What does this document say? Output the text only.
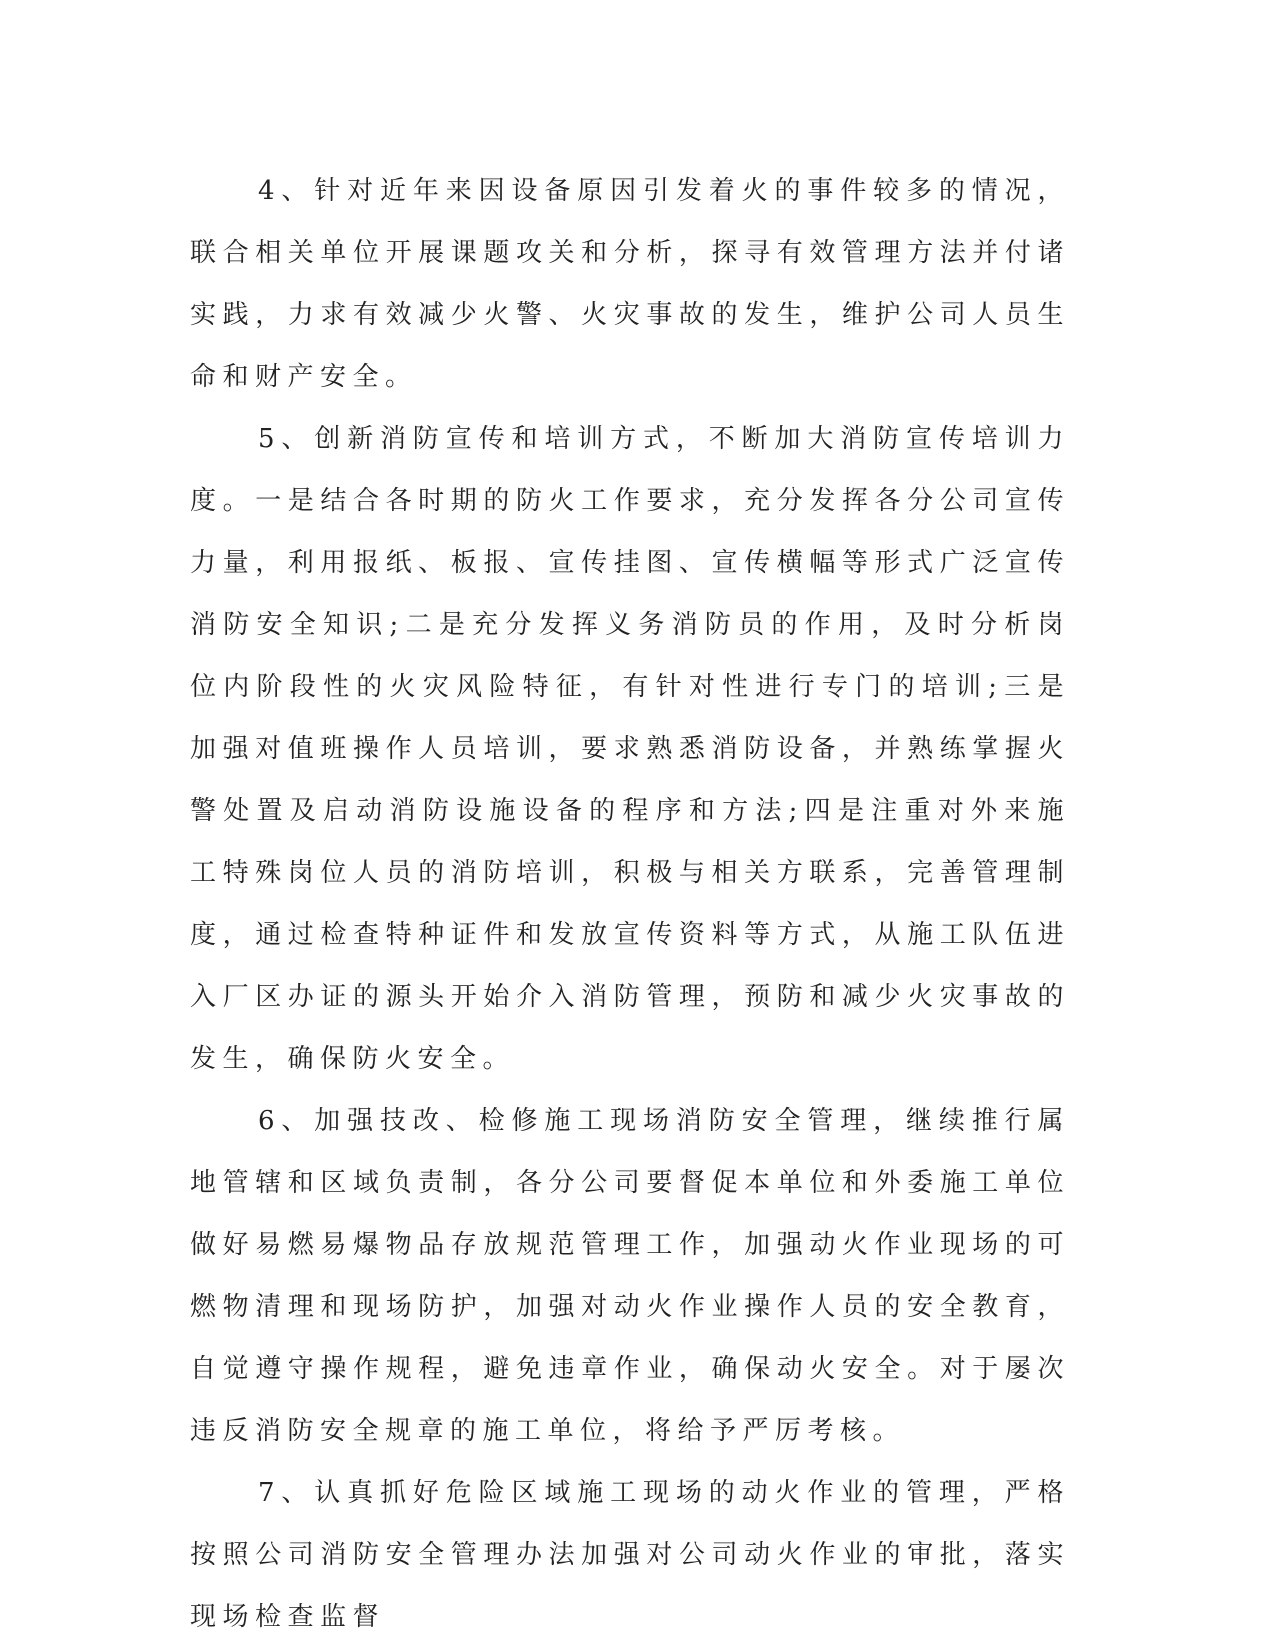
4、针对近年来因设备原因引发着火的事件较多的情况，联合相关单位开展课题攻关和分析，探寻有效管理方法并付诸实践，力求有效减少火警、火灾事故的发生，维护公司人员生命和财产安全。

5、创新消防宣传和培训方式，不断加大消防宣传培训力度。一是结合各时期的防火工作要求，充分发挥各分公司宣传力量，利用报纸、板报、宣传挂图、宣传横幅等形式广泛宣传消防安全知识;二是充分发挥义务消防员的作用，及时分析岗位内阶段性的火灾风险特征，有针对性进行专门的培训;三是加强对值班操作人员培训，要求熟悉消防设备，并熟练掌握火警处置及启动消防设施设备的程序和方法;四是注重对外来施工特殊岗位人员的消防培训，积极与相关方联系，完善管理制度，通过检查特种证件和发放宣传资料等方式，从施工队伍进入厂区办证的源头开始介入消防管理，预防和减少火灾事故的发生，确保防火安全。

6、加强技改、检修施工现场消防安全管理，继续推行属地管辖和区域负责制，各分公司要督促本单位和外委施工单位做好易燃易爆物品存放规范管理工作，加强动火作业现场的可燃物清理和现场防护，加强对动火作业操作人员的安全教育，自觉遵守操作规程，避免违章作业，确保动火安全。对于屡次违反消防安全规章的施工单位，将给予严厉考核。

7、认真抓好危险区域施工现场的动火作业的管理，严格按照公司消防安全管理办法加强对公司动火作业的审批，落实现场检查监督
